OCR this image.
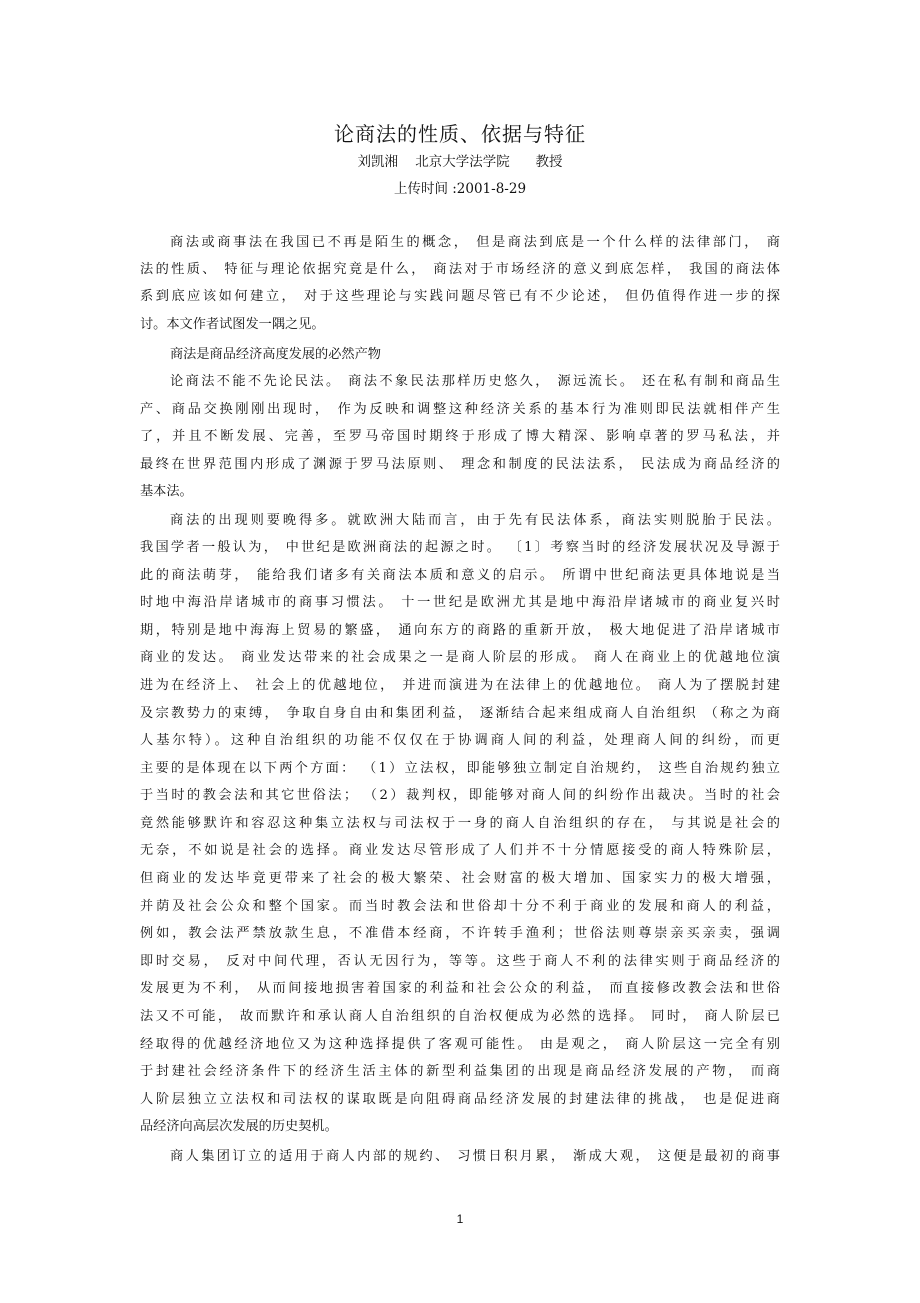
论商法的性质、依据与特征
刘凯湘    北京大学法学院      教授
上传时间 :2001-8-29
商法或商事法在我国已不再是陌生的概念， 但是商法到底是一个什么样的法律部门， 商
法的性质、 特征与理论依据究竟是什么， 商法对于市场经济的意义到底怎样， 我国的商法体
系到底应该如何建立， 对于这些理论与实践问题尽管已有不少论述， 但仍值得作进一步的探
讨。本文作者试图发一隅之见。
商法是商品经济高度发展的必然产物
论商法不能不先论民法。 商法不象民法那样历史悠久， 源远流长。 还在私有制和商品生
产、商品交换刚刚出现时， 作为反映和调整这种经济关系的基本行为准则即民法就相伴产生
了，并且不断发展、完善，至罗马帝国时期终于形成了博大精深、影响卓著的罗马私法，并
最终在世界范围内形成了渊源于罗马法原则、 理念和制度的民法法系， 民法成为商品经济的
基本法。
商法的出现则要晚得多。就欧洲大陆而言，由于先有民法体系，商法实则脱胎于民法。
我国学者一般认为， 中世纪是欧洲商法的起源之时。 〔1〕考察当时的经济发展状况及导源于
此的商法萌芽， 能给我们诸多有关商法本质和意义的启示。 所谓中世纪商法更具体地说是当
时地中海沿岸诸城市的商事习惯法。 十一世纪是欧洲尤其是地中海沿岸诸城市的商业复兴时
期，特别是地中海海上贸易的繁盛， 通向东方的商路的重新开放， 极大地促进了沿岸诸城市
商业的发达。 商业发达带来的社会成果之一是商人阶层的形成。 商人在商业上的优越地位演
进为在经济上、 社会上的优越地位， 并进而演进为在法律上的优越地位。 商人为了摆脱封建
及宗教势力的束缚， 争取自身自由和集团利益， 逐渐结合起来组成商人自治组织 （称之为商
人基尔特）。这种自治组织的功能不仅仅在于协调商人间的利益，处理商人间的纠纷，而更
主要的是体现在以下两个方面： （1）立法权，即能够独立制定自治规约， 这些自治规约独立
于当时的教会法和其它世俗法； （2）裁判权，即能够对商人间的纠纷作出裁决。当时的社会
竟然能够默许和容忍这种集立法权与司法权于一身的商人自治组织的存在， 与其说是社会的
无奈，不如说是社会的选择。商业发达尽管形成了人们并不十分情愿接受的商人特殊阶层，
但商业的发达毕竟更带来了社会的极大繁荣、社会财富的极大增加、国家实力的极大增强，
并荫及社会公众和整个国家。而当时教会法和世俗却十分不利于商业的发展和商人的利益，
例如，教会法严禁放款生息，不准借本经商，不许转手渔利；世俗法则尊崇亲买亲卖，强调
即时交易， 反对中间代理，否认无因行为，等等。这些于商人不利的法律实则于商品经济的
发展更为不利， 从而间接地损害着国家的利益和社会公众的利益， 而直接修改教会法和世俗
法又不可能， 故而默许和承认商人自治组织的自治权便成为必然的选择。 同时， 商人阶层已
经取得的优越经济地位又为这种选择提供了客观可能性。 由是观之， 商人阶层这一完全有别
于封建社会经济条件下的经济生活主体的新型利益集团的出现是商品经济发展的产物， 而商
人阶层独立立法权和司法权的谋取既是向阻碍商品经济发展的封建法律的挑战， 也是促进商
品经济向高层次发展的历史契机。
商人集团订立的适用于商人内部的规约、 习惯日积月累， 渐成大观， 这便是最初的商事
1
